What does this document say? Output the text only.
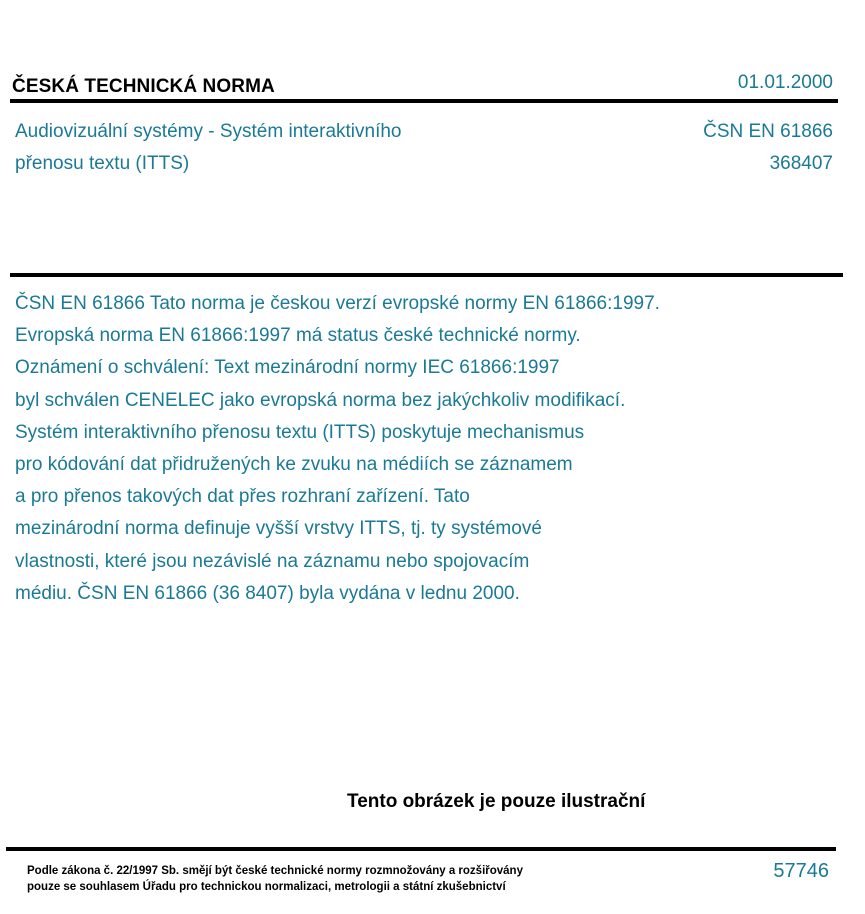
ČESKÁ TECHNICKÁ NORMA	01.01.2000
Audiovizuální systémy - Systém interaktivního
přenosu textu (ITTS)
ČSN EN 61866
368407
ČSN EN 61866 Tato norma je českou verzí evropské normy EN 61866:1997.
Evropská norma EN 61866:1997 má status české technické normy.
Oznámení o schválení: Text mezinárodní normy IEC 61866:1997
byl schválen CENELEC jako evropská norma bez jakýchkoliv modifikací.
Systém interaktivního přenosu textu (ITTS) poskytuje mechanismus
pro kódování dat přidružených ke zvuku na médiích se záznamem
a pro přenos takových dat přes rozhraní zařízení. Tato
mezinárodní norma definuje vyšší vrstvy ITTS, tj. ty systémové
vlastnosti, které jsou nezávislé na záznamu nebo spojovacím
médiu. ČSN EN 61866 (36 8407) byla vydána v lednu 2000.
Tento obrázek je pouze ilustrační
Podle zákona č. 22/1997 Sb. smějí být české technické normy rozmnožovány a rozšiřovány
pouze se souhlasem Úřadu pro technickou normalizaci, metrologii a státní zkušebnictví
57746
